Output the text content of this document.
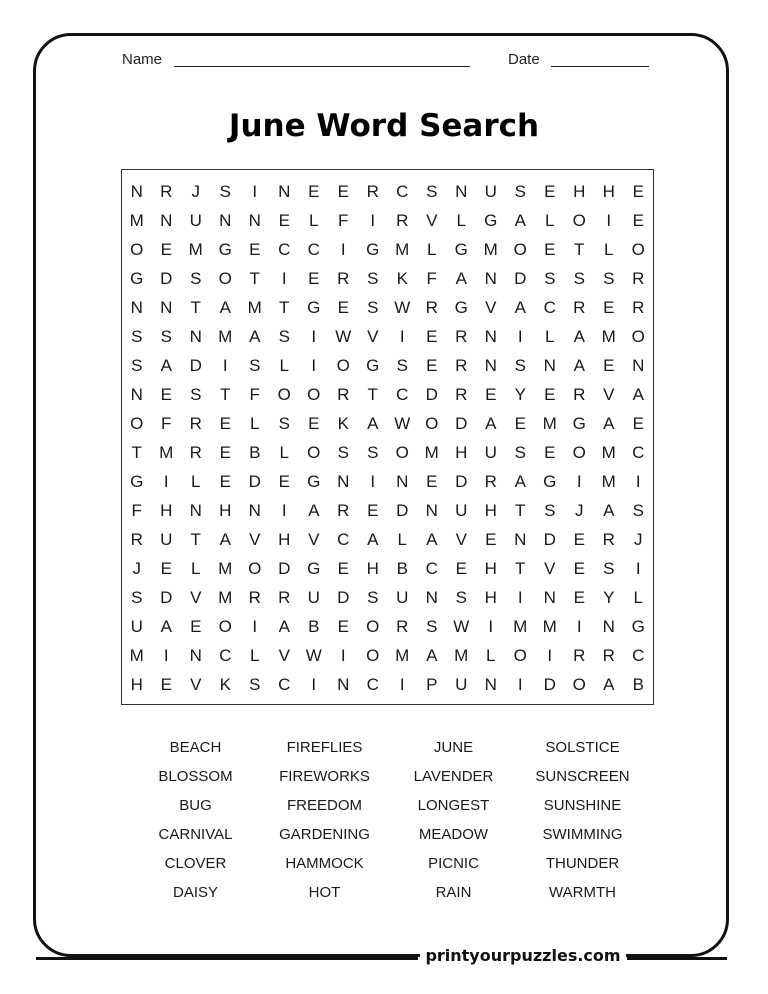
Name	Date
June Word Search
N	R	J	S	I	N	E	E	R	C	S	N	U	S	E	H	H	E
M N	U	N	N	E	L	F	I	R	V	L	G	A	L	O	I	E
O	E M G	E	C	C	I	G M	L	G M O	E	T	L	O
G D	S	O	T	I	E	R	S	K	F	A	N	D	S	S	S	R
N	N	T	A M	T	G	E	S W R G	V	A	C	R	E	R
S	S	N M A	S	I	W V	I	E	R	N	I	L	A M O
S	A	D	I	S	L	I	O G	S	E	R	N	S	N	A	E	N
N	E	S	T	F	O O R	T	C	D	R	E	Y	E	R	V	A
O	F	R	E	L	S	E	K	A W O D	A	E M G	A	E
T	M R	E	B	L	O	S	S	O M H	U	S	E	O M C
G	I	L	E	D	E	G N	I	N	E	D	R	A	G	I	M	I
F	H	N	H	N	I	A	R	E	D	N	U	H	T	S	J	A	S
R	U	T	A	V	H	V	C	A	L	A	V	E	N	D	E	R	J
J	E	L	M O D G	E	H	B	C	E	H	T	V	E	S	I
S	D	V M R	R	U	D	S	U	N	S	H	I	N	E	Y	L
U	A	E	O	I	A	B	E	O R	S W	I	M M	I	N G
M	I	N	C	L	V W	I	O M A M	L	O	I	R	R	C
H	E	V	K	S	C	I	N	C	I	P	U	N	I	D O	A	B
BEACH	FIREFLIES	JUNE	SOLSTICE
BLOSSOM	FIREWORKS	LAVENDER	SUNSCREEN
BUG	FREEDOM	LONGEST	SUNSHINE
CARNIVAL	GARDENING	MEADOW	SWIMMING
CLOVER	HAMMOCK	PICNIC	THUNDER
DAISY	HOT	RAIN	WARMTH
printyourpuzzles.com
